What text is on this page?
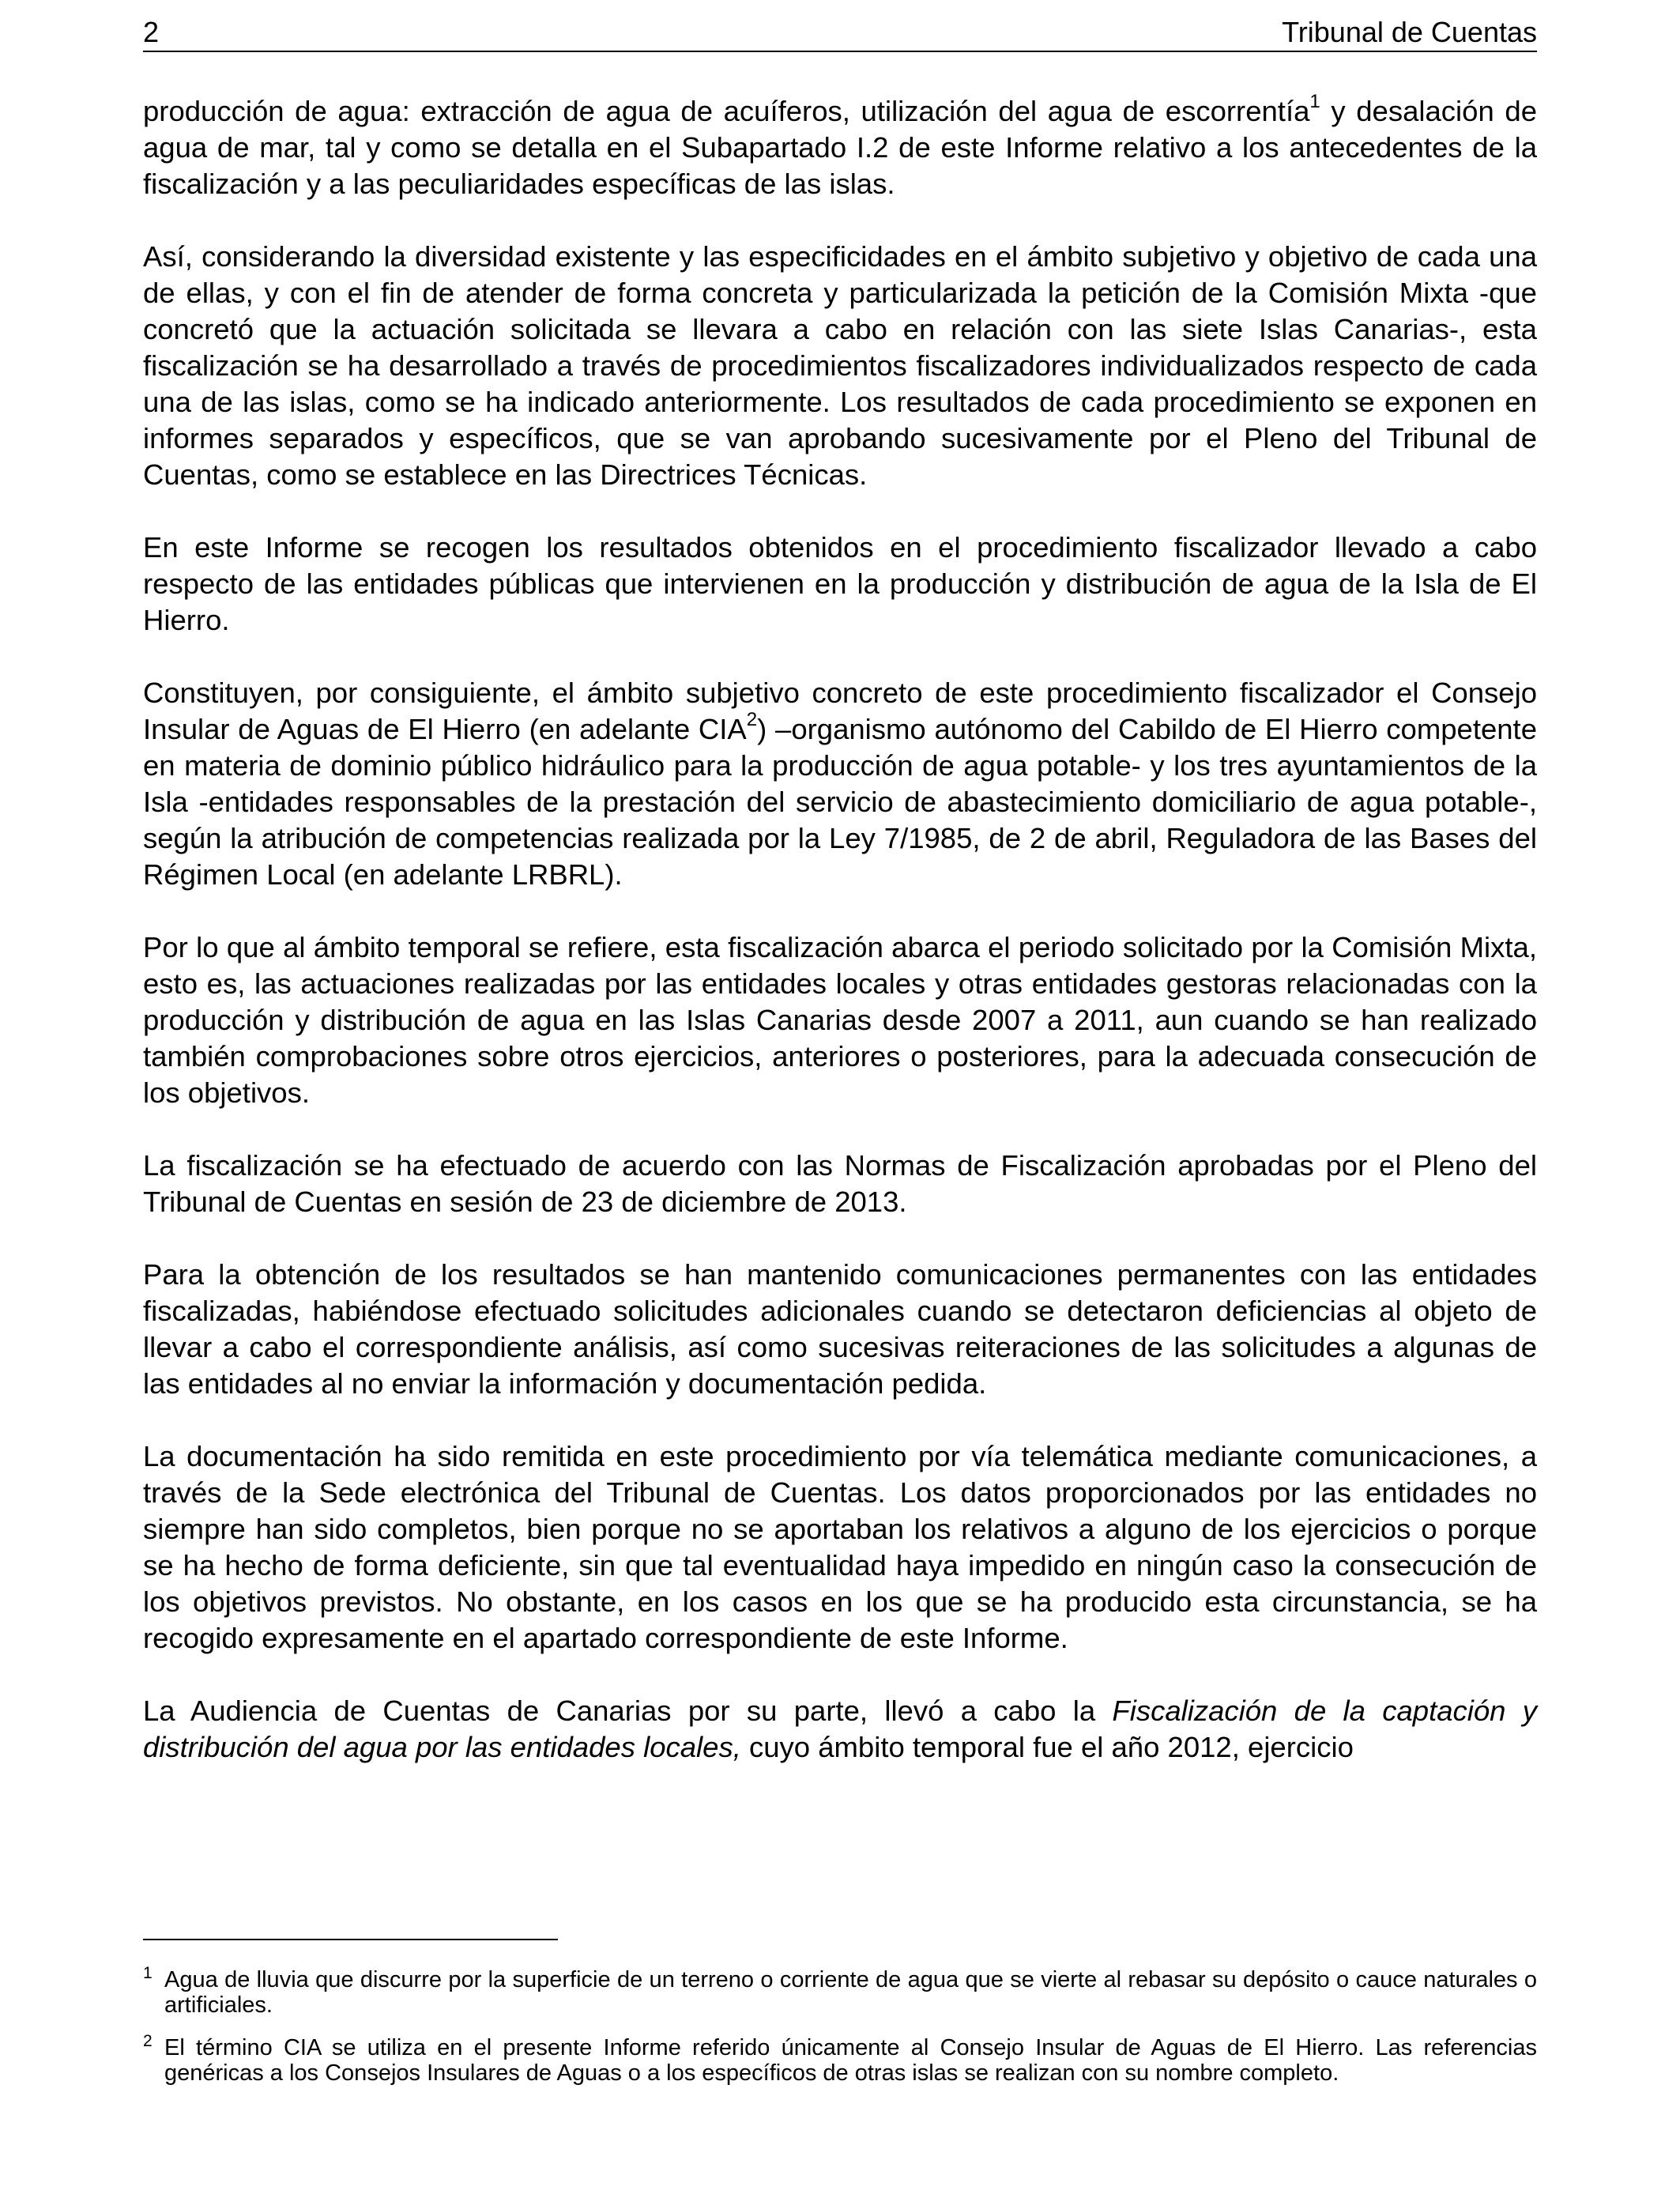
2	Tribunal de Cuentas

producción de agua: extracción de agua de acuíferos, utilización del agua de escorrentía$^1$ y desalación de agua de mar, tal y como se detalla en el Subapartado I.2 de este Informe relativo a los antecedentes de la fiscalización y a las peculiaridades específicas de las islas.

Así, considerando la diversidad existente y las especificidades en el ámbito subjetivo y objetivo de cada una de ellas, y con el fin de atender de forma concreta y particularizada la petición de la Comisión Mixta -que concretó que la actuación solicitada se llevara a cabo en relación con las siete Islas Canarias-, esta fiscalización se ha desarrollado a través de procedimientos fiscalizadores individualizados respecto de cada una de las islas, como se ha indicado anteriormente. Los resultados de cada procedimiento se exponen en informes separados y específicos, que se van aprobando sucesivamente por el Pleno del Tribunal de Cuentas, como se establece en las Directrices Técnicas.

En este Informe se recogen los resultados obtenidos en el procedimiento fiscalizador llevado a cabo respecto de las entidades públicas que intervienen en la producción y distribución de agua de la Isla de El Hierro.

Constituyen, por consiguiente, el ámbito subjetivo concreto de este procedimiento fiscalizador el Consejo Insular de Aguas de El Hierro (en adelante CIA$^2$) –organismo autónomo del Cabildo de El Hierro competente en materia de dominio público hidráulico para la producción de agua potable- y los tres ayuntamientos de la Isla -entidades responsables de la prestación del servicio de abastecimiento domiciliario de agua potable-, según la atribución de competencias realizada por la Ley 7/1985, de 2 de abril, Reguladora de las Bases del Régimen Local (en adelante LRBRL).

Por lo que al ámbito temporal se refiere, esta fiscalización abarca el periodo solicitado por la Comisión Mixta, esto es, las actuaciones realizadas por las entidades locales y otras entidades gestoras relacionadas con la producción y distribución de agua en las Islas Canarias desde 2007 a 2011, aun cuando se han realizado también comprobaciones sobre otros ejercicios, anteriores o posteriores, para la adecuada consecución de los objetivos.

La fiscalización se ha efectuado de acuerdo con las Normas de Fiscalización aprobadas por el Pleno del Tribunal de Cuentas en sesión de 23 de diciembre de 2013.

Para la obtención de los resultados se han mantenido comunicaciones permanentes con las entidades fiscalizadas, habiéndose efectuado solicitudes adicionales cuando se detectaron deficiencias al objeto de llevar a cabo el correspondiente análisis, así como sucesivas reiteraciones de las solicitudes a algunas de las entidades al no enviar la información y documentación pedida.

La documentación ha sido remitida en este procedimiento por vía telemática mediante comunicaciones, a través de la Sede electrónica del Tribunal de Cuentas. Los datos proporcionados por las entidades no siempre han sido completos, bien porque no se aportaban los relativos a alguno de los ejercicios o porque se ha hecho de forma deficiente, sin que tal eventualidad haya impedido en ningún caso la consecución de los objetivos previstos. No obstante, en los casos en los que se ha producido esta circunstancia, se ha recogido expresamente en el apartado correspondiente de este Informe.

La Audiencia de Cuentas de Canarias por su parte, llevó a cabo la Fiscalización de la captación y distribución del agua por las entidades locales, cuyo ámbito temporal fue el año 2012, ejercicio

1 Agua de lluvia que discurre por la superficie de un terreno o corriente de agua que se vierte al rebasar su depósito o cauce naturales o artificiales.
2 El término CIA se utiliza en el presente Informe referido únicamente al Consejo Insular de Aguas de El Hierro. Las referencias genéricas a los Consejos Insulares de Aguas o a los específicos de otras islas se realizan con su nombre completo.
